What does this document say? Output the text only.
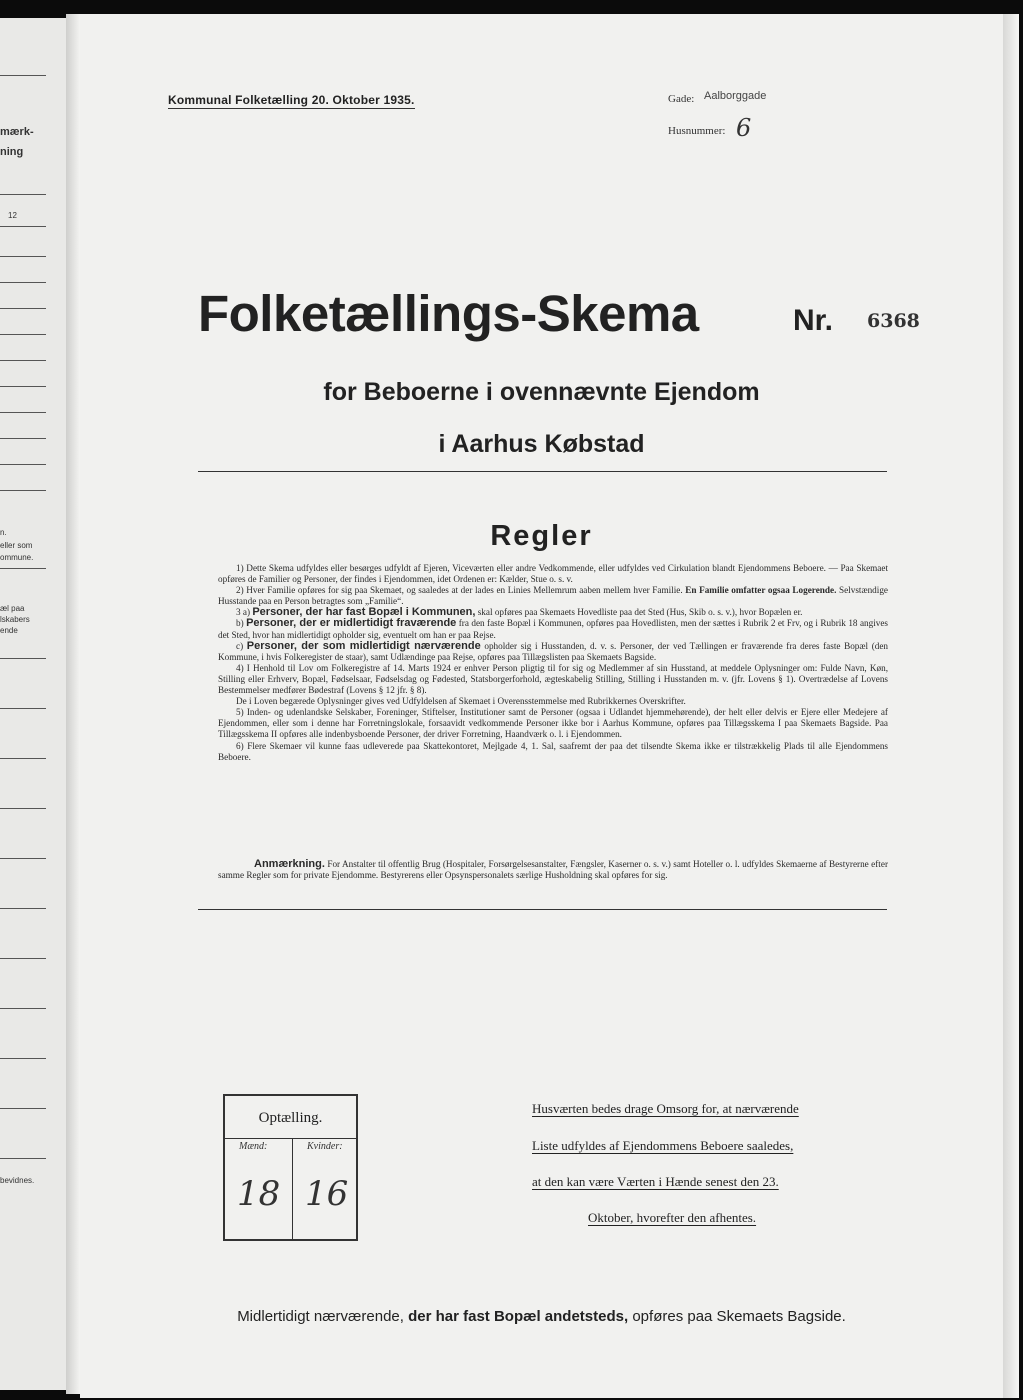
mærk-
ning
12
n.
eller som
ommune.
æl paa
lskabers
ende
bevidnes.
Kommunal Folketælling 20. Oktober 1935.	Gade: Aalborggade
Husnummer: 6
Folketællings-Skema	Nr. 6368
for Beboerne i ovennævnte Ejendom
i Aarhus Købstad
Regler

1) Dette Skema udfyldes eller besørges udfyldt af Ejeren, Viceværten eller andre Vedkommende, eller udfyldes ved Cirkulation blandt Ejendommens Beboere. — Paa Skemaet opføres de Familier og Personer, der findes i Ejendommen, idet Ordenen er: Kælder, Stue o. s. v.

2) Hver Familie opføres for sig paa Skemaet, og saaledes at der lades en Linies Mellemrum aaben mellem hver Familie. En Familie omfatter ogsaa Logerende. Selvstændige Husstande paa en Person betragtes som „Familie“.

3 a) Personer, der har fast Bopæl i Kommunen, skal opføres paa Skemaets Hovedliste paa det Sted (Hus, Skib o. s. v.), hvor Bopælen er.

b) Personer, der er midlertidigt fraværende fra den faste Bopæl i Kommunen, opføres paa Hovedlisten, men der sættes i Rubrik 2 et Frv, og i Rubrik 18 angives det Sted, hvor han midlertidigt opholder sig, eventuelt om han er paa Rejse.

c) Personer, der som midlertidigt nærværende opholder sig i Husstanden, d. v. s. Personer, der ved Tællingen er fraværende fra deres faste Bopæl (den Kommune, i hvis Folkeregister de staar), samt Udlændinge paa Rejse, opføres paa Tillægslisten paa Skemaets Bagside.

4) I Henhold til Lov om Folkeregistre af 14. Marts 1924 er enhver Person pligtig til for sig og Medlemmer af sin Husstand, at meddele Oplysninger om: Fulde Navn, Køn, Stilling eller Erhverv, Bopæl, Fødselsaar, Fødselsdag og Fødested, Statsborgerforhold, ægteskabelig Stilling, Stilling i Husstanden m. v. (jfr. Lovens § 1). Overtrædelse af Lovens Bestemmelser medfører Bødestraf (Lovens § 12 jfr. § 8).

De i Loven begærede Oplysninger gives ved Udfyldelsen af Skemaet i Overensstemmelse med Rubrikkernes Overskrifter.

5) Inden- og udenlandske Selskaber, Foreninger, Stiftelser, Institutioner samt de Personer (ogsaa i Udlandet hjemmehørende), der helt eller delvis er Ejere eller Medejere af Ejendommen, eller som i denne har Forretningslokale, forsaavidt vedkommende Personer ikke bor i Aarhus Kommune, opføres paa Tillægsskema I paa Skemaets Bagside. Paa Tillægsskema II opføres alle indenbysboende Personer, der driver Forretning, Haandværk o. l. i Ejendommen.

6) Flere Skemaer vil kunne faas udleverede paa Skattekontoret, Mejlgade 4, 1. Sal, saafremt der paa det tilsendte Skema ikke er tilstrækkelig Plads til alle Ejendommens Beboere.

Anmærkning. For Anstalter til offentlig Brug (Hospitaler, Forsørgelsesanstalter, Fængsler, Kaserner o. s. v.) samt Hoteller o. l. udfyldes Skemaerne af Bestyrerne efter samme Regler som for private Ejendomme. Bestyrerens eller Opsynspersonalets særlige Husholdning skal opføres for sig.

Optælling.
Mænd:	Kvinder:
18 16
Husværten bedes drage Omsorg for, at nærværende
Liste udfyldes af Ejendommens Beboere saaledes,
at den kan være Værten i Hænde senest den 23.
Oktober, hvorefter den afhentes.
Midlertidigt nærværende, der har fast Bopæl andetsteds, opføres paa Skemaets Bagside.
